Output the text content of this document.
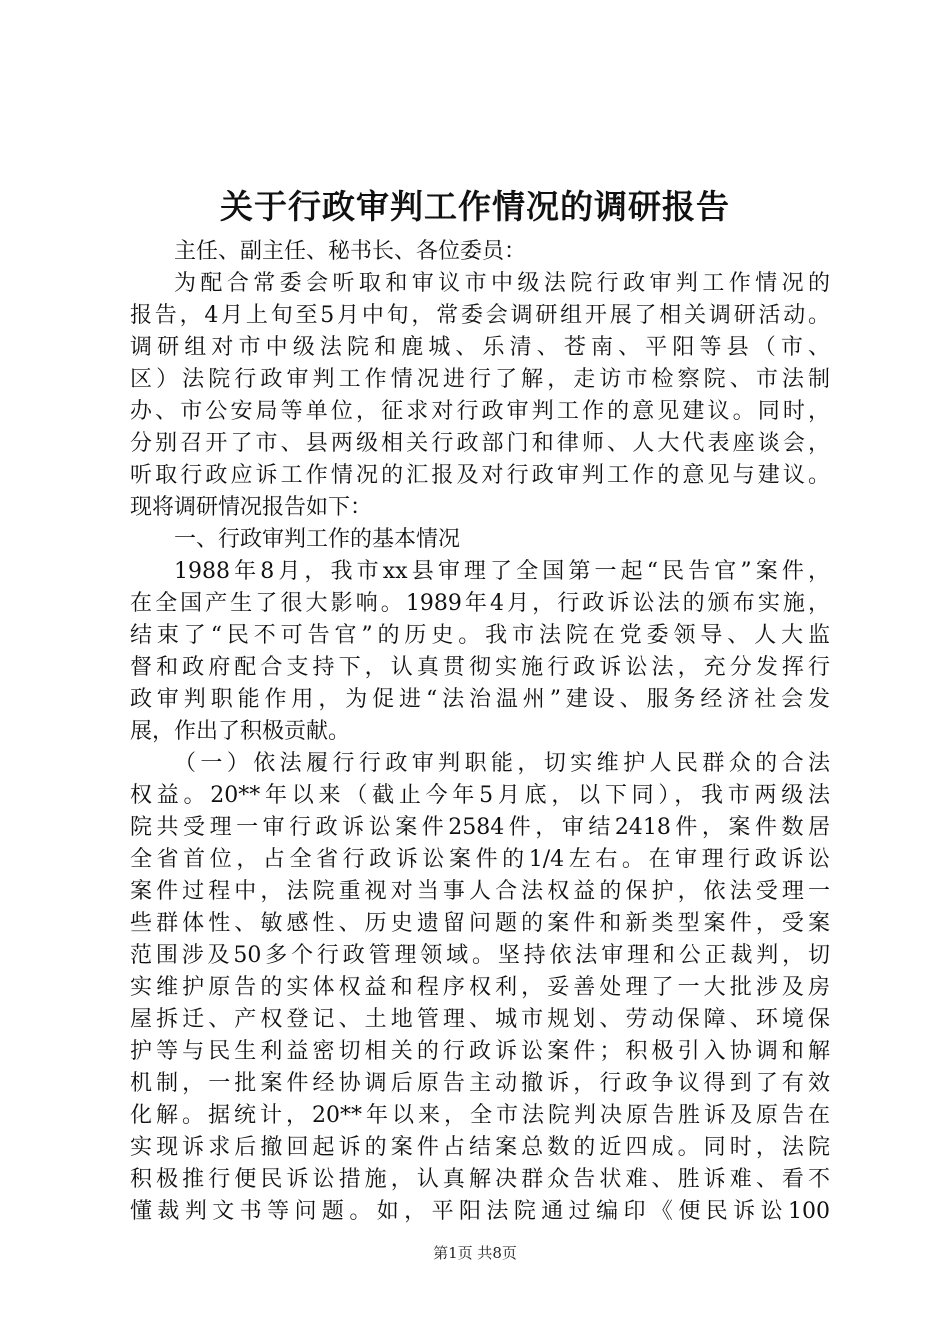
关于行政审判工作情况的调研报告
主任、副主任、秘书长、各位委员：
为配合常委会听取和审议市中级法院行政审判工作情况的
报告，4月上旬至5月中旬，常委会调研组开展了相关调研活动。
调研组对市中级法院和鹿城、乐清、苍南、平阳等县（市、
区）法院行政审判工作情况进行了解，走访市检察院、市法制
办、市公安局等单位，征求对行政审判工作的意见建议。同时，
分别召开了市、县两级相关行政部门和律师、人大代表座谈会，
听取行政应诉工作情况的汇报及对行政审判工作的意见与建议。
现将调研情况报告如下：
一、行政审判工作的基本情况
1988年8月，我市xx县审理了全国第一起“民告官”案件，
在全国产生了很大影响。1989年4月，行政诉讼法的颁布实施，
结束了“民不可告官”的历史。我市法院在党委领导、人大监
督和政府配合支持下，认真贯彻实施行政诉讼法，充分发挥行
政审判职能作用，为促进“法治温州”建设、服务经济社会发
展，作出了积极贡献。
（一）依法履行行政审判职能，切实维护人民群众的合法
权益。20**年以来（截止今年5月底，以下同），我市两级法
院共受理一审行政诉讼案件2584件，审结2418件，案件数居
全省首位，占全省行政诉讼案件的1/4左右。在审理行政诉讼
案件过程中，法院重视对当事人合法权益的保护，依法受理一
些群体性、敏感性、历史遗留问题的案件和新类型案件，受案
范围涉及50多个行政管理领域。坚持依法审理和公正裁判，切
实维护原告的实体权益和程序权利，妥善处理了一大批涉及房
屋拆迁、产权登记、土地管理、城市规划、劳动保障、环境保
护等与民生利益密切相关的行政诉讼案件；积极引入协调和解
机制，一批案件经协调后原告主动撤诉，行政争议得到了有效
化解。据统计，20**年以来，全市法院判决原告胜诉及原告在
实现诉求后撤回起诉的案件占结案总数的近四成。同时，法院
积极推行便民诉讼措施，认真解决群众告状难、胜诉难、看不
懂裁判文书等问题。如，平阳法院通过编印《便民诉讼100
第1页 共8页
